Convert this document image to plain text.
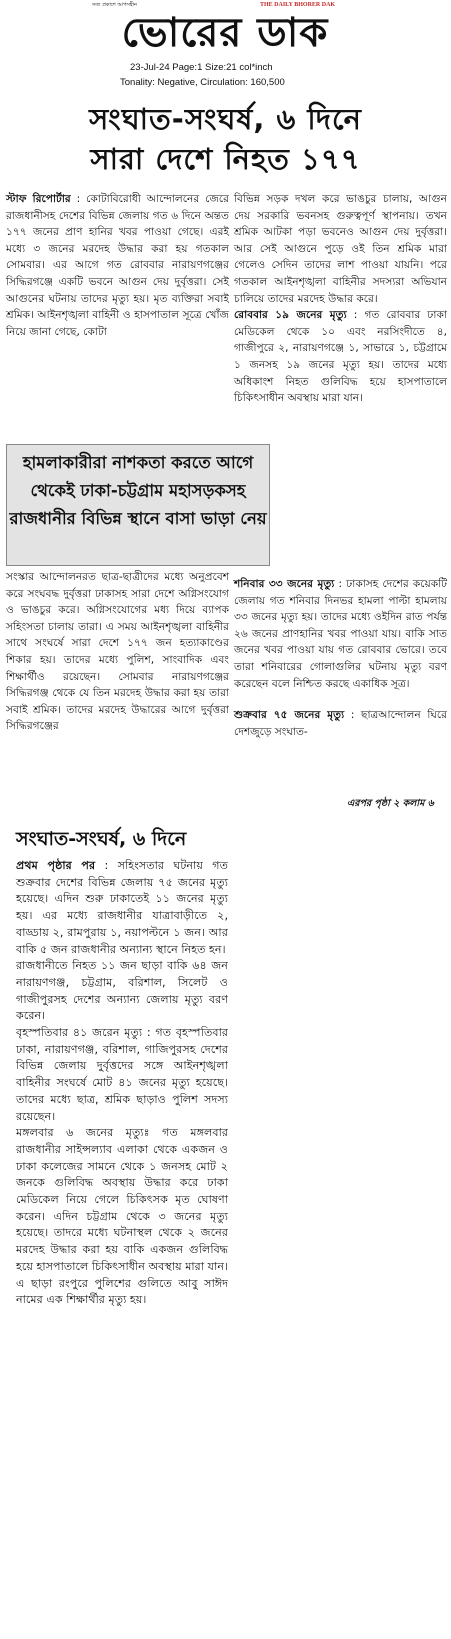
সত্য প্রকাশে আপসহীন	THE DAILY BHORER DAK
ভোরের ডাক
23-Jul-24 Page:1 Size:21 col*inch
Tonality: Negative, Circulation: 160,500
সংঘাত-সংঘর্ষ, ৬ দিনে
সারা দেশে নিহত ১৭৭

স্টাফ রিপোর্টার : কোটাবিরোধী আন্দোলনের জেরে রাজধানীসহ দেশের বিভিন্ন জেলায় গত ৬ দিনে অন্তত ১৭৭ জনের প্রাণ হানির খবর পাওয়া গেছে। এরই মধ্যে ৩ জনের মরদেহ উদ্ধার করা হয় গতকাল সোমবার। এর আগে গত রোববার নারায়ণগঞ্জের সিদ্ধিরগঞ্জে একটি ভবনে আগুন দেয় দুর্বৃত্তরা। সেই আগুনের ঘটনায় তাদের মৃত্যু হয়। মৃত ব্যক্তিরা সবাই শ্রমিক। আইনশৃঙ্খলা বাহিনী ও হাসপাতাল সূত্রে খোঁজ নিয়ে জানা গেছে, কোটা

বিভিন্ন সড়ক দখল করে ভাঙচুর চালায়, আগুন দেয় সরকারি ভবনসহ গুরুত্বপূর্ণ স্থাপনায়। তখন শ্রমিক আটকা পড়া ভবনেও আগুন দেয় দুর্বৃত্তরা। আর সেই আগুনে পুড়ে ওই তিন শ্রমিক মারা গেলেও সেদিন তাদের লাশ পাওয়া যায়নি। পরে গতকাল আইনশৃঙ্খলা বাহিনীর সদস্যরা অভিযান চালিয়ে তাদের মরদেহ উদ্ধার করে।

রোববার ১৯ জনের মৃত্যু : গত রোববার ঢাকা মেডিকেল থেকে ১০ এবং নরসিংদীতে ৪, গাজীপুরে ২, নারায়ণগঞ্জে ১, সাভারে ১, চট্টগ্রামে ১ জনসহ ১৯ জনের মৃত্যু হয়। তাদের মধ্যে অধিকাংশ নিহত গুলিবিদ্ধ হয়ে হাসপাতালে চিকিৎসাধীন অবস্থায় মারা যান।

হামলাকারীরা নাশকতা করতে আগে থেকেই ঢাকা-চট্টগ্রাম মহাসড়কসহ রাজধানীর বিভিন্ন স্থানে বাসা ভাড়া নেয়

সংস্কার আন্দোলনরত ছাত্র-ছাত্রীদের মধ্যে অনুপ্রবেশ করে সংঘবদ্ধ দুর্বৃত্তরা ঢাকাসহ সারা দেশে অগ্নিসংযোগ ও ভাঙচুর করে। অগ্নিসংযোগের মধ্য দিয়ে ব্যাপক সহিংসতা চালায় তারা। এ সময় আইনশৃঙ্খলা বাহিনীর সাথে সংঘর্ষে সারা দেশে ১৭৭ জন হত্যাকাণ্ডের শিকার হয়। তাদের মধ্যে পুলিশ, সাংবাদিক এবং শিক্ষার্থীও রয়েছেন। সোমবার নারায়ণগঞ্জের সিদ্ধিরগঞ্জ থেকে যে তিন মরদেহ উদ্ধার করা হয় তারা সবাই শ্রমিক। তাদের মরদেহ উদ্ধারের আগে দুর্বৃত্তরা সিদ্ধিরগঞ্জের

শনিবার ৩৩ জনের মৃত্যু : ঢাকাসহ দেশের কয়েকটি জেলায় গত শনিবার দিনভর হামলা পাল্টা হামলায় ৩৩ জনের মৃত্যু হয়। তাদের মধ্যে ওইদিন রাত পর্যন্ত ২৬ জনের প্রাণহানির খবর পাওয়া যায়। বাকি সাত জনের খবর পাওয়া যায় গত রোববার ভোরে। তবে তারা শনিবারের গোলাগুলির ঘটনায় মৃত্যু বরণ করেছেন বলে নিশ্চিত করছে একাধিক সূত্র।

শুক্রবার ৭৫ জনের মৃত্যু : ছাত্রআন্দোলন ঘিরে দেশজুড়ে সংঘাত-

এরপর পৃষ্ঠা ২ কলাম ৬
সংঘাত-সংঘর্ষ, ৬ দিনে

প্রথম পৃষ্ঠার পর : সহিংসতার ঘটনায় গত শুক্রবার দেশের বিভিন্ন জেলায় ৭৫ জনের মৃত্যু হয়েছে। এদিন শুরু ঢাকাতেই ১১ জনের মৃত্যু হয়। এর মধ্যে রাজধানীর যাত্রাবাড়ীতে ২, বাড্ডায় ২, রামপুরায় ১, নয়াপল্টনে ১ জন। আর বাকি ৫ জন রাজধানীর অন্যান্য স্থানে নিহত হন।

রাজধানীতে নিহত ১১ জন ছাড়া বাকি ৬৪ জন নারায়ণগঞ্জ, চট্টগ্রাম, বরিশাল, সিলেট ও গাজীপুরসহ দেশের অন্যান্য জেলায় মৃত্যু বরণ করেন।

বৃহস্পতিবার ৪১ জরেন মৃত্যু : গত বৃহস্পতিবার ঢাকা, নারায়ণগঞ্জ, বরিশাল, গাজিপুরসহ দেশের বিভিন্ন জেলায় দুর্বৃত্তদের সঙ্গে আইনশৃঙ্খলা বাহিনীর সংঘর্ষে মোট ৪১ জনের মৃত্যু হয়েছে। তাদের মধ্যে ছাত্র, শ্রমিক ছাড়াও পুলিশ সদস্য রয়েছেন।

মঙ্গলবার ৬ জনের মৃত্যুঃ গত মঙ্গলবার রাজধানীর সাইন্সল্যাব এলাকা থেকে একজন ও ঢাকা কলেজের সামনে থেকে ১ জনসহ মোট ২ জনকে গুলিবিদ্ধ অবস্থায় উদ্ধার করে ঢাকা মেডিকেল নিয়ে গেলে চিকিৎসক মৃত ঘোষণা করেন। এদিন চট্টগ্রাম থেকে ৩ জনের মৃত্যু হয়েছে। তাদরে মধ্যে ঘটনাস্থল থেকে ২ জনের মরদেহ উদ্ধার করা হয় বাকি একজন গুলিবিদ্ধ হয়ে হাসপাতালে চিকিৎসাধীন অবস্থায় মারা যান। এ ছাড়া রংপুরে পুলিশের গুলিতে আবু সাঈদ নামের এক শিক্ষার্থীর মৃত্যু হয়।
